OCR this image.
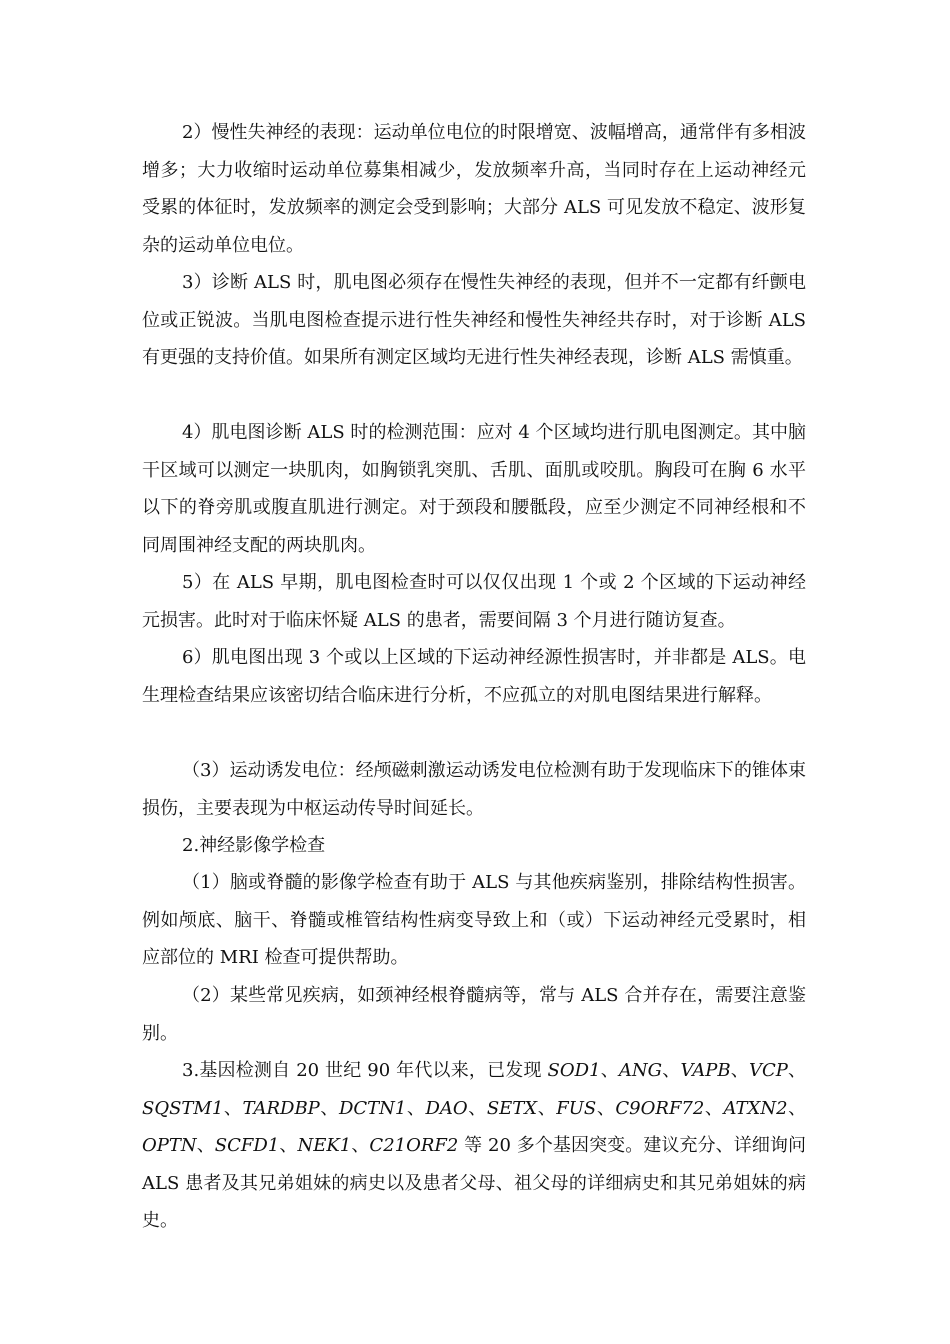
2）慢性失神经的表现：运动单位电位的时限增宽、波幅增高，通常伴有多相波增多；大力收缩时运动单位募集相减少，发放频率升高，当同时存在上运动神经元受累的体征时，发放频率的测定会受到影响；大部分 ALS 可见发放不稳定、波形复杂的运动单位电位。

3）诊断 ALS 时，肌电图必须存在慢性失神经的表现，但并不一定都有纤颤电位或正锐波。当肌电图检查提示进行性失神经和慢性失神经共存时，对于诊断 ALS 有更强的支持价值。如果所有测定区域均无进行性失神经表现，诊断 ALS 需慎重。

4）肌电图诊断 ALS 时的检测范围：应对 4 个区域均进行肌电图测定。其中脑干区域可以测定一块肌肉，如胸锁乳突肌、舌肌、面肌或咬肌。胸段可在胸 6 水平以下的脊旁肌或腹直肌进行测定。对于颈段和腰骶段，应至少测定不同神经根和不同周围神经支配的两块肌肉。

5）在 ALS 早期，肌电图检查时可以仅仅出现 1 个或 2 个区域的下运动神经元损害。此时对于临床怀疑 ALS 的患者，需要间隔 3 个月进行随访复查。

6）肌电图出现 3 个或以上区域的下运动神经源性损害时，并非都是 ALS。电生理检查结果应该密切结合临床进行分析，不应孤立的对肌电图结果进行解释。

（3）运动诱发电位：经颅磁刺激运动诱发电位检测有助于发现临床下的锥体束损伤，主要表现为中枢运动传导时间延长。

2.神经影像学检查

（1）脑或脊髓的影像学检查有助于 ALS 与其他疾病鉴别，排除结构性损害。例如颅底、脑干、脊髓或椎管结构性病变导致上和（或）下运动神经元受累时，相应部位的 MRI 检查可提供帮助。

（2）某些常见疾病，如颈神经根脊髓病等，常与 ALS 合并存在，需要注意鉴别。

3.基因检测自 20 世纪 90 年代以来，已发现 SOD1、ANG、VAPB、VCP、SQSTM1、TARDBP、DCTN1、DAO、SETX、FUS、C9ORF72、ATXN2、OPTN、SCFD1、NEK1、C21ORF2 等 20 多个基因突变。建议充分、详细询问 ALS 患者及其兄弟姐妹的病史以及患者父母、祖父母的详细病史和其兄弟姐妹的病史。
